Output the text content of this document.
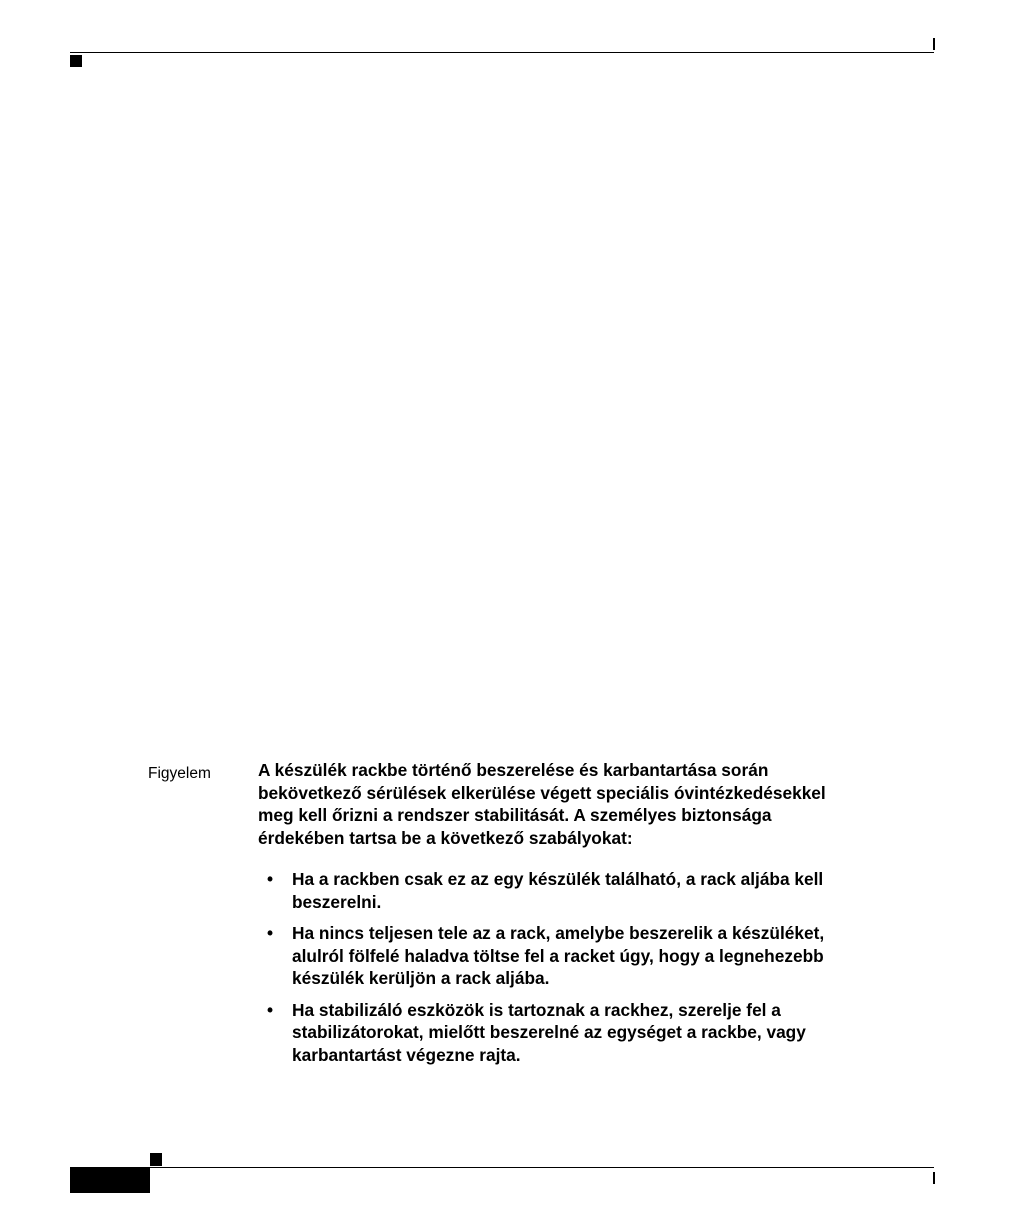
Figyelem	A készülék rackbe történő beszerelése és karbantartása során
bekövetkező sérülések elkerülése végett speciális óvintézkedésekkel
meg kell őrizni a rendszer stabilitását. A személyes biztonsága
érdekében tartsa be a következő szabályokat:

• Ha a rackben csak ez az egy készülék található, a rack aljába kell
beszerelni.
• Ha nincs teljesen tele az a rack, amelybe beszerelik a készüléket,
alulról fölfelé haladva töltse fel a racket úgy, hogy a legnehezebb
készülék kerüljön a rack aljába.
• Ha stabilizáló eszközök is tartoznak a rackhez, szerelje fel a
stabilizátorokat, mielőtt beszerelné az egységet a rackbe, vagy
karbantartást végezne rajta.
